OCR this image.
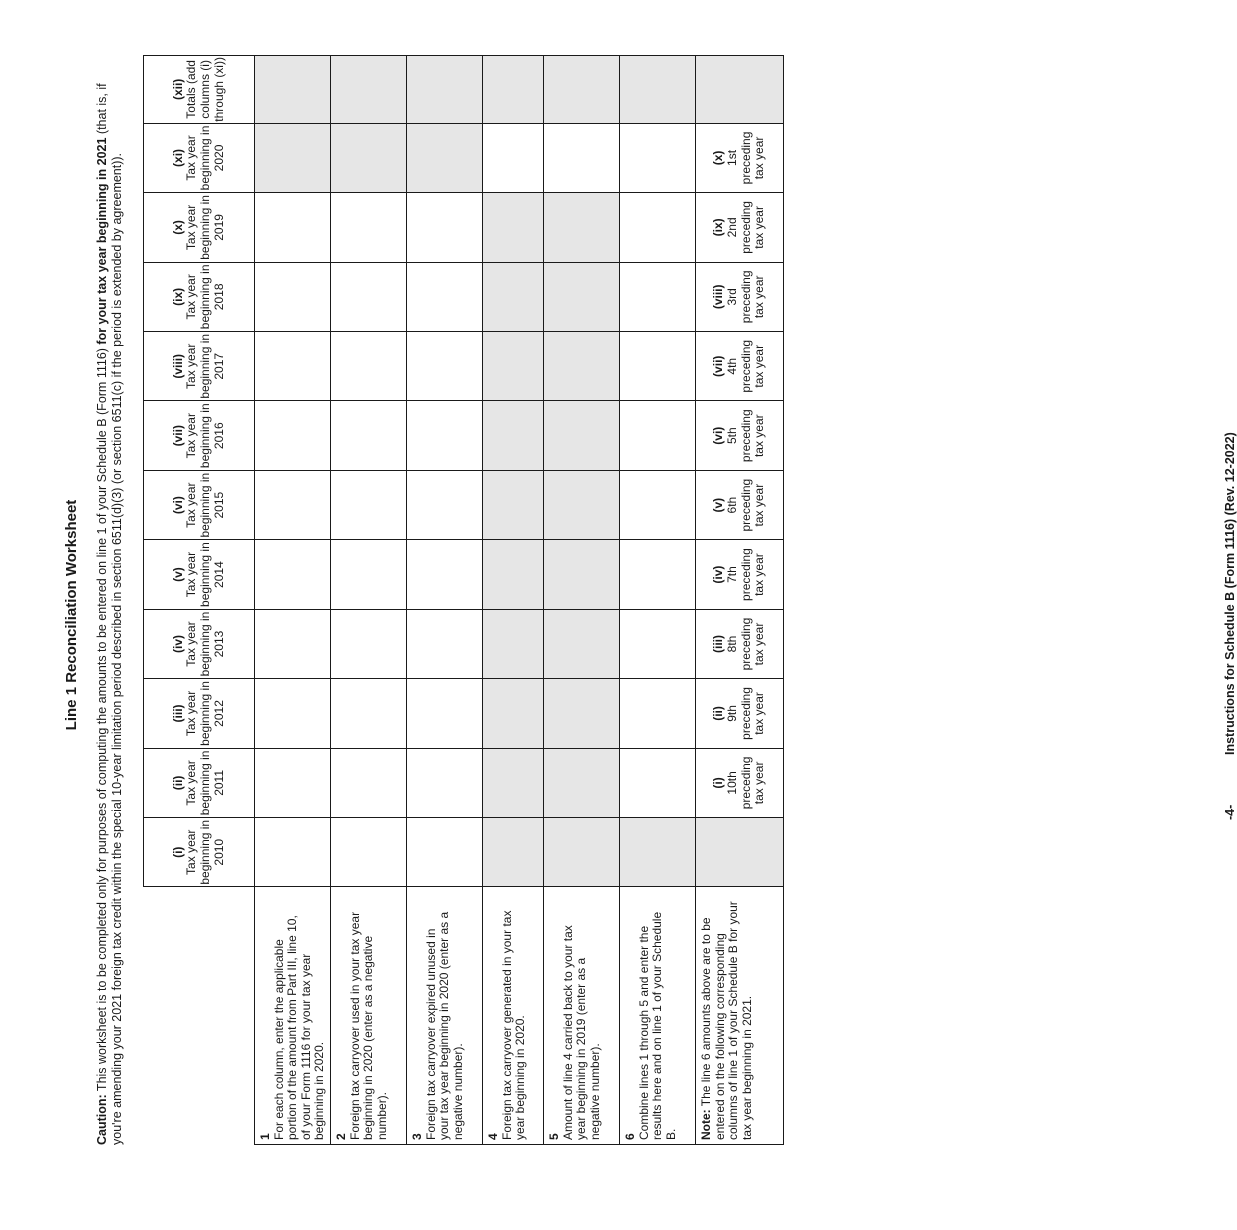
Line 1 Reconciliation Worksheet
Caution: This worksheet is to be completed only for purposes of computing the amounts to be entered on line 1 of your Schedule B (Form 1116) for your tax year beginning in 2021 (that is, if you're amending your 2021 foreign tax credit within the special 10-year limitation period described in section 6511(d)(3) (or section 6511(c) if the period is extended by agreement)).

	(i) Tax year beginning in 2010	(ii) Tax year beginning in 2011	(iii) Tax year beginning in 2012	(iv) Tax year beginning in 2013	(v) Tax year beginning in 2014	(vi) Tax year beginning in 2015	(vii) Tax year beginning in 2016	(viii) Tax year beginning in 2017	(ix) Tax year beginning in 2018	(x) Tax year beginning in 2019	(xi) Tax year beginning in 2020	(xii) Totals (add columns (i) through (xi))
1For each column, enter the applicable portion of the amount from Part III, line 10, of your Form 1116 for your tax year beginning in 2020.												
2Foreign tax carryover used in your tax year beginning in 2020 (enter as a negative number).												
3Foreign tax carryover expired unused in your tax year beginning in 2020 (enter as a negative number).												
4Foreign tax carryover generated in your tax year beginning in 2020.												
5Amount of line 4 carried back to your tax year beginning in 2019 (enter as a negative number).												
6Combine lines 1 through 5 and enter the results here and on line 1 of your Schedule B.												
Note: The line 6 amounts above are to be entered on the following corresponding columns of line 1 of your Schedule B for your tax year beginning in 2021.		(i) 10th preceding tax year	(ii) 9th preceding tax year	(iii) 8th preceding tax year	(iv) 7th preceding tax year	(v) 6th preceding tax year	(vi) 5th preceding tax year	(vii) 4th preceding tax year	(viii) 3rd preceding tax year	(ix) 2nd preceding tax year	(x) 1st preceding tax year	
-4-
Instructions for Schedule B (Form 1116) (Rev. 12-2022)
